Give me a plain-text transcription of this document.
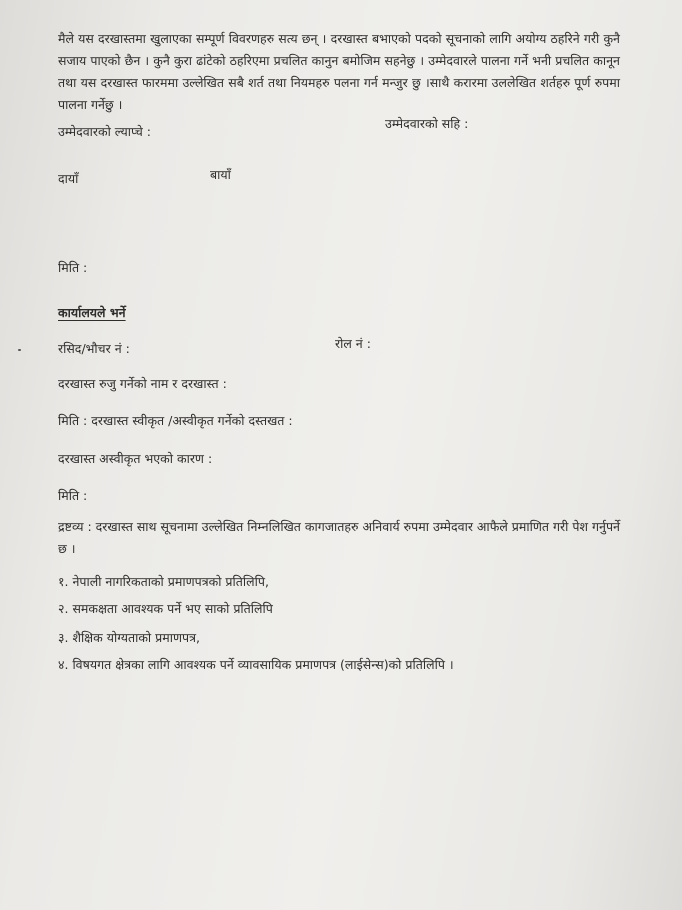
मैले यस दरखास्तमा खुलाएका सम्पूर्ण विवरणहरु सत्य छन् । दरखास्त बभाएको पदको सूचनाको लागि अयोग्य ठहरिने गरी कुनै सजाय पाएको छैन । कुनै कुरा ढांटेको ठहरिएमा प्रचलित कानुन बमोजिम सहनेछु । उम्मेदवारले पालना गर्ने भनी प्रचलित कानून तथा यस दरखास्त फारममा उल्लेखित सबै शर्त तथा नियमहरु पलना गर्न मन्जुर छु ।साथै करारमा उललेखित शर्तहरु पूर्ण रुपमा पालना गर्नेछु ।
उम्मेदवारको ल्याप्चे :
उम्मेदवारको सहि :
दायाँ	बायाँ
मिति :
कार्यालयले भर्ने
रसिद/भौचर नं :	रोल नं :
दरखास्त रुजु गर्नेको नाम र दरखास्त :
मिति : दरखास्त स्वीकृत /अस्वीकृत गर्नेको दस्तखत :
दरखास्त अस्वीकृत भएको कारण :
मिति :
द्रष्टव्य : दरखास्त साथ सूचनामा उल्लेखित निम्नलिखित कागजातहरु अनिवार्य रुपमा उम्मेदवार आफैले प्रमाणित गरी पेश गर्नुपर्ने छ ।
१. नेपाली नागरिकताको प्रमाणपत्रको प्रतिलिपि,
२. समकक्षता आवश्यक पर्ने भए साको प्रतिलिपि
३. शैक्षिक योग्यताको प्रमाणपत्र,
४. विषयगत क्षेत्रका लागि आवश्यक पर्ने व्यावसायिक प्रमाणपत्र (लाईसेन्स)को प्रतिलिपि ।
